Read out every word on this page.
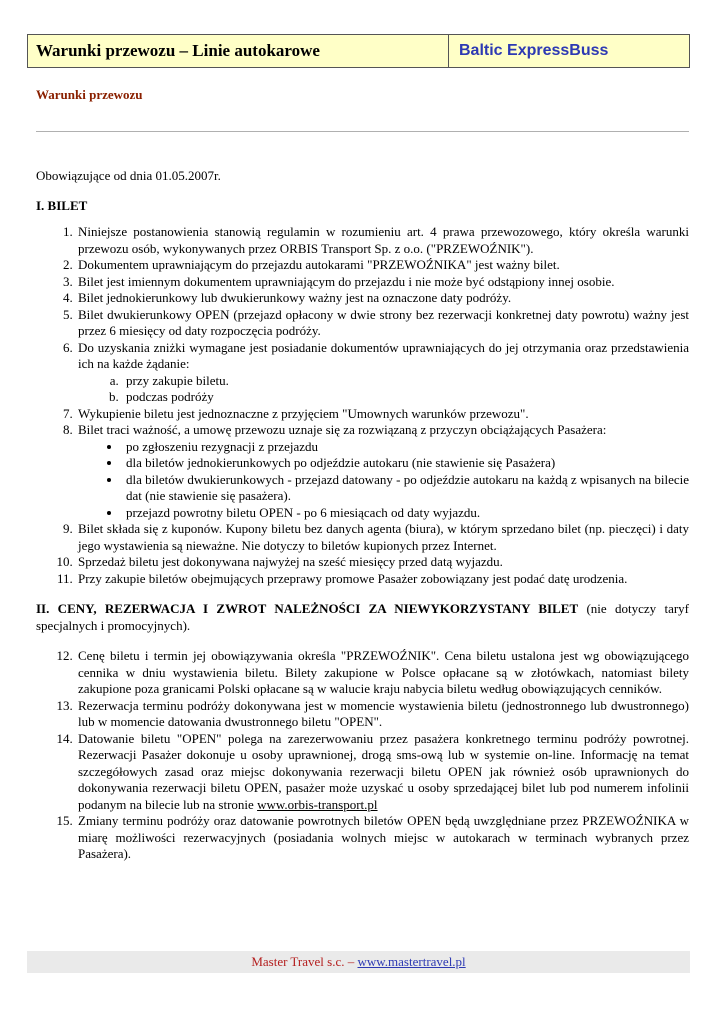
Warunki przewozu – Linie autokarowe	Baltic ExpressBuss
Warunki przewozu

Obowiązujące od dnia 01.05.2007r.

I. BILET

1. Niniejsze postanowienia stanowią regulamin w rozumieniu art. 4 prawa przewozowego, który określa warunki przewozu osób, wykonywanych przez ORBIS Transport Sp. z o.o. ("PRZEWOŹNIK").
2. Dokumentem uprawniającym do przejazdu autokarami "PRZEWOŹNIKA" jest ważny bilet.
3. Bilet jest imiennym dokumentem uprawniającym do przejazdu i nie może być odstąpiony innej osobie.
4. Bilet jednokierunkowy lub dwukierunkowy ważny jest na oznaczone daty podróży.
5. Bilet dwukierunkowy OPEN (przejazd opłacony w dwie strony bez rezerwacji konkretnej daty powrotu) ważny jest przez 6 miesięcy od daty rozpoczęcia podróży.
6. Do uzyskania zniżki wymagane jest posiadanie dokumentów uprawniających do jej otrzymania oraz przedstawienia ich na każde żądanie:
a. przy zakupie biletu.
b. podczas podróży
7. Wykupienie biletu jest jednoznaczne z przyjęciem "Umownych warunków przewozu".
8. Bilet traci ważność, a umowę przewozu uznaje się za rozwiązaną z przyczyn obciążających Pasażera:
• po zgłoszeniu rezygnacji z przejazdu
• dla biletów jednokierunkowych po odjeździe autokaru (nie stawienie się Pasażera)
• dla biletów dwukierunkowych - przejazd datowany - po odjeździe autokaru na każdą z wpisanych na bilecie dat (nie stawienie się pasażera).
• przejazd powrotny biletu OPEN - po 6 miesiącach od daty wyjazdu.
9. Bilet składa się z kuponów. Kupony biletu bez danych agenta (biura), w którym sprzedano bilet (np. pieczęci) i daty jego wystawienia są nieważne. Nie dotyczy to biletów kupionych przez Internet.
10. Sprzedaż biletu jest dokonywana najwyżej na sześć miesięcy przed datą wyjazdu.
11. Przy zakupie biletów obejmujących przeprawy promowe Pasażer zobowiązany jest podać datę urodzenia.

II. CENY, REZERWACJA I ZWROT NALEŻNOŚCI ZA NIEWYKORZYSTANY BILET (nie dotyczy taryf specjalnych i promocyjnych).

12. Cenę biletu i termin jej obowiązywania określa "PRZEWOŹNIK". Cena biletu ustalona jest wg obowiązującego cennika w dniu wystawienia biletu. Bilety zakupione w Polsce opłacane są w złotówkach, natomiast bilety zakupione poza granicami Polski opłacane są w walucie kraju nabycia biletu według obowiązujących cenników.
13. Rezerwacja terminu podróży dokonywana jest w momencie wystawienia biletu (jednostronnego lub dwustronnego) lub w momencie datowania dwustronnego biletu "OPEN".
14. Datowanie biletu "OPEN" polega na zarezerwowaniu przez pasażera konkretnego terminu podróży powrotnej. Rezerwacji Pasażer dokonuje u osoby uprawnionej, drogą sms-ową lub w systemie on-line. Informację na temat szczegółowych zasad oraz miejsc dokonywania rezerwacji biletu OPEN jak również osób uprawnionych do dokonywania rezerwacji biletu OPEN, pasażer może uzyskać u osoby sprzedającej bilet lub pod numerem infolinii podanym na bilecie lub na stronie www.orbis-transport.pl
15. Zmiany terminu podróży oraz datowanie powrotnych biletów OPEN będą uwzględniane przez PRZEWOŹNIKA w miarę możliwości rezerwacyjnych (posiadania wolnych miejsc w autokarach w terminach wybranych przez Pasażera).
Master Travel s.c. – www.mastertravel.pl
